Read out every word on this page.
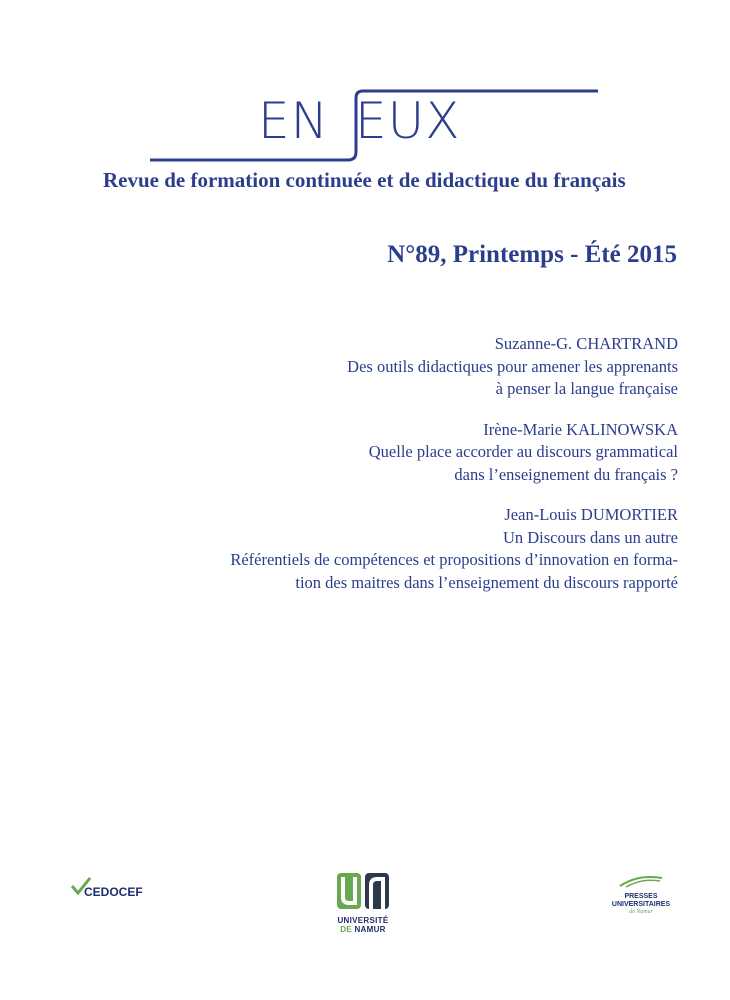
EN EUX
Revue de formation continuée et de didactique du français
N°89, Printemps - Été 2015
Suzanne-G. CHARTRAND
Des outils didactiques pour amener les apprenants
à penser la langue française
Irène-Marie KALINOWSKA
Quelle place accorder au discours grammatical
dans l’enseignement du français ?
Jean-Louis DUMORTIER
Un Discours dans un autre
Référentiels de compétences et propositions d’innovation en forma-
tion des maitres dans l’enseignement du discours rapporté
CEDOCEF
UNIVERSITÉ
DE NAMUR
PRESSES
UNIVERSITAIRES
de Namur
